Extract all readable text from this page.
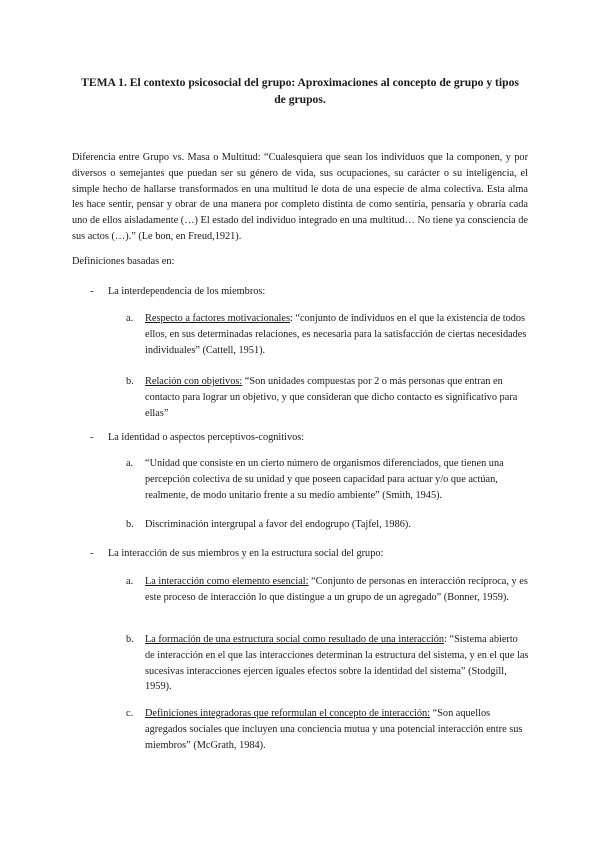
TEMA 1. El contexto psicosocial del grupo: Aproximaciones al concepto de grupo y tipos de grupos.
Diferencia entre Grupo vs. Masa o Multitud: “Cualesquiera que sean los individuos que la componen, y por diversos o semejantes que puedan ser su género de vida, sus ocupaciones, su carácter o su inteligencia, el simple hecho de hallarse transformados en una multitud le dota de una especie de alma colectiva. Esta alma les hace sentir, pensar y obrar de una manera por completo distinta de como sentiría, pensaría y obraría cada uno de ellos aisladamente (…) El estado del individuo integrado en una multitud… No tiene ya consciencia de sus actos (…).” (Le bon, en Freud,1921).
Definiciones basadas en:
- La interdependencia de los miembros:
a.	Respecto a factores motivacionales: “conjunto de individuos en el que la existencia de todos ellos, en sus determinadas relaciones, es necesaria para la satisfacción de ciertas necesidades individuales” (Cattell, 1951).
b.	Relación con objetivos: “Son unidades compuestas por 2 o más personas que entran en contacto para lograr un objetivo, y que consideran que dicho contacto es significativo para ellas”
- La identidad o aspectos perceptivos-cognitivos:
a.	“Unidad que consiste en un cierto número de organismos diferenciados, que tienen una percepción colectiva de su unidad y que poseen capacidad para actuar y/o que actúan, realmente, de modo unitario frente a su medio ambiente” (Smith, 1945).
b.	Discriminación intergrupal a favor del endogrupo (Tajfel, 1986).
- La interacción de sus miembros y en la estructura social del grupo:
a.	La interacción como elemento esencial: “Conjunto de personas en interacción recíproca, y es este proceso de interacción lo que distingue a un grupo de un agregado” (Bonner, 1959).
b.	La formación de una estructura social como resultado de una interacción: “Sistema abierto de interacción en el que las interacciones determinan la estructura del sistema, y en el que las sucesivas interacciones ejercen iguales efectos sobre la identidad del sistema” (Stodgill, 1959).
c.	Definiciones integradoras que reformulan el concepto de interacción: “Son aquellos agregados sociales que incluyen una conciencia mutua y una potencial interacción entre sus miembros” (McGrath, 1984).
